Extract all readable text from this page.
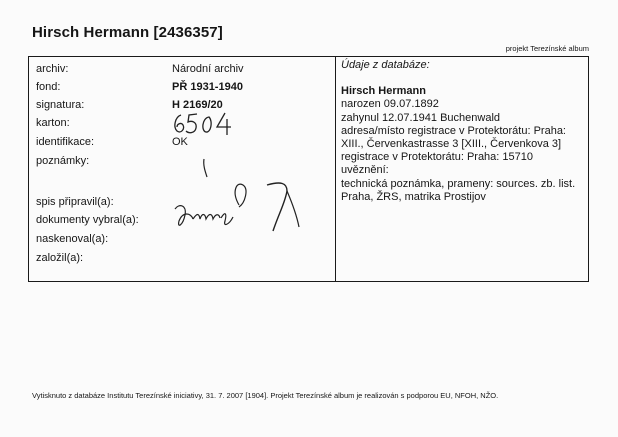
Hirsch Hermann [2436357]
projekt Terezínské album
archiv:	Národní archiv
fond:	PŘ 1931-1940
signatura:	H 2169/20
karton:
identifikace:	OK
poznámky:
spis připravil(a):
dokumenty vybral(a):
naskenoval(a):
založil(a):
Údaje z databáze:
Hirsch Hermann
narozen 09.07.1892
zahynul 12.07.1941 Buchenwald
adresa/místo registrace v Protektorátu: Praha: XIII., Červenkastrasse 3 [XIII., Červenkova 3]
registrace v Protektorátu: Praha: 15710
uvěznění:
technická poznámka, prameny: sources. zb. list. Praha, ŽRS, matrika Prostijov
Vytisknuto z databáze Institutu Terezínské iniciativy, 31. 7. 2007 [1904]. Projekt Terezínské album je realizován s podporou EU, NFOH, NŽO.
